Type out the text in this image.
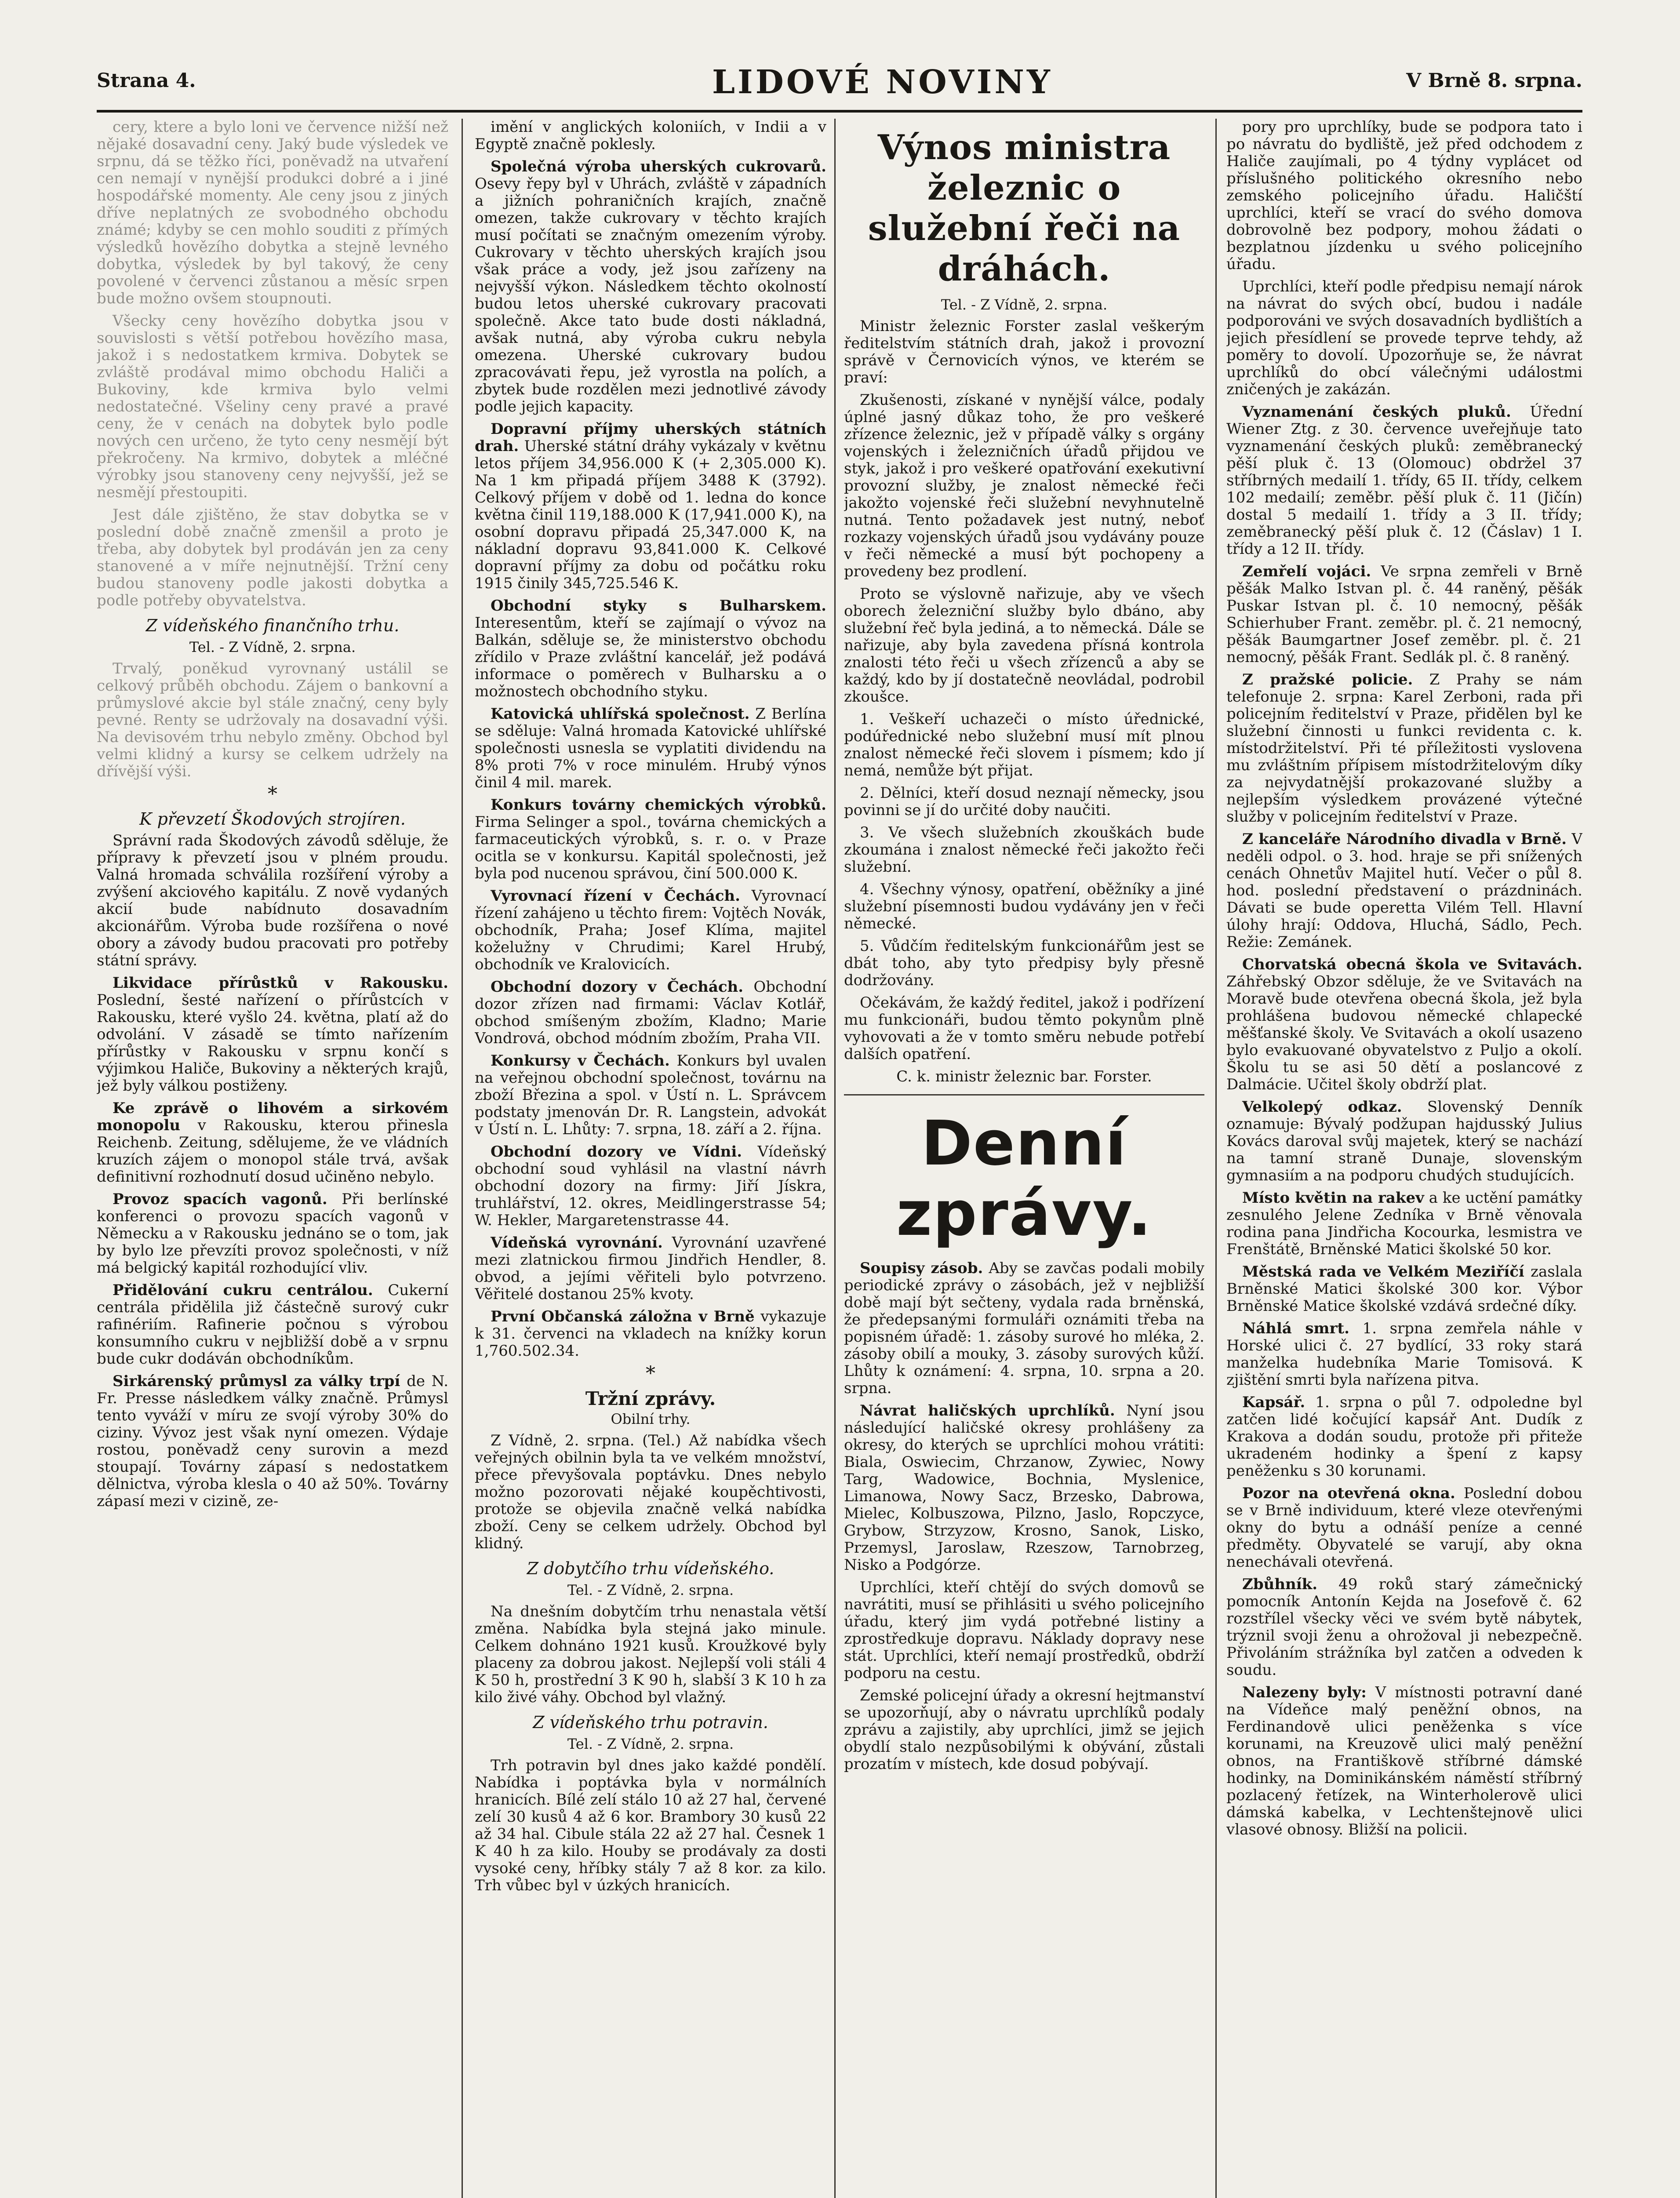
Strana 4.	LIDOVÉ NOVINY	V Brně 8. srpna.

cery, ktere a bylo loni ve července nižší než nějaké dosavadní ceny. Jaký bude výsledek ve srpnu, dá se těžko říci, poněvadž na utvaření cen nemají v nynější produkci dobré a i jiné hospodářské momenty. Ale ceny jsou z jiných dříve neplatných ze svobodného obchodu známé; kdyby se cen mohlo souditi z přímých výsledků hovězího dobytka a stejně levného dobytka, výsledek by byl takový, že ceny povolené v červenci zůstanou a měsíc srpen bude možno ovšem stoupnouti.

Všecky ceny hovězího dobytka jsou v souvislosti s větší potřebou hovězího masa, jakož i s nedostatkem krmiva. Dobytek se zvláště prodával mimo obchodu Haliči a Bukoviny, kde krmiva bylo velmi nedostatečné. Všeliny ceny pravé a pravé ceny, že v cenách na dobytek bylo podle nových cen určeno, že tyto ceny nesmějí být překročeny. Na krmivo, dobytek a mléčné výrobky jsou stanoveny ceny nejvyšší, jež se nesmějí přestoupiti.

Jest dále zjištěno, že stav dobytka se v poslední době značně zmenšil a proto je třeba, aby dobytek byl prodáván jen za ceny stanovené a v míře nejnutnější. Tržní ceny budou stanoveny podle jakosti dobytka a podle potřeby obyvatelstva.

Z vídeňského finančního trhu.
Tel. - Z Vídně, 2. srpna.

Trvalý, poněkud vyrovnaný ustálil se celkový průběh obchodu. Zájem o bankovní a průmyslové akcie byl stále značný, ceny byly pevné. Renty se udržovaly na dosavadní výši. Na devisovém trhu nebylo změny. Obchod byl velmi klidný a kursy se celkem udržely na dřívější výši.

*
K převzetí Škodových strojíren.

Správní rada Škodových závodů sděluje, že přípravy k převzetí jsou v plném proudu. Valná hromada schválila rozšíření výroby a zvýšení akciového kapitálu. Z nově vydaných akcií bude nabídnuto dosavadním akcionářům. Výroba bude rozšířena o nové obory a závody budou pracovati pro potřeby státní správy.

Likvidace přírůstků v Rakousku. Poslední, šesté nařízení o přírůstcích v Rakousku, které vyšlo 24. května, platí až do odvolání. V zásadě se tímto nařízením přírůstky v Rakousku v srpnu končí s výjimkou Haliče, Bukoviny a některých krajů, jež byly válkou postiženy.

Ke zprávě o lihovém a sirkovém monopolu v Rakousku, kterou přinesla Reichenb. Zeitung, sdělujeme, že ve vládních kruzích zájem o monopol stále trvá, avšak definitivní rozhodnutí dosud učiněno nebylo.

Provoz spacích vagonů. Při berlínské konferenci o provozu spacích vagonů v Německu a v Rakousku jednáno se o tom, jak by bylo lze převzíti provoz společnosti, v níž má belgický kapitál rozhodující vliv.

Přidělování cukru centrálou. Cukerní centrála přidělila již částečně surový cukr rafinériím. Rafinerie počnou s výrobou konsumního cukru v nejbližší době a v srpnu bude cukr dodáván obchodníkům.

Sirkárenský průmysl za války trpí de N. Fr. Presse následkem války značně. Průmysl tento vyváží v míru ze svojí výroby 30% do ciziny. Vývoz jest však nyní omezen. Výdaje rostou, poněvadž ceny surovin a mezd stoupají. Továrny zápasí s nedostatkem dělnictva, výroba klesla o 40 až 50%. Továrny zápasí mezi v cizině, ze-

imění v anglických koloniích, v Indii a v Egyptě značně poklesly.

Společná výroba uherských cukrovarů. Osevy řepy byl v Uhrách, zvláště v západních a jižních pohraničních krajích, značně omezen, takže cukrovary v těchto krajích musí počítati se značným omezením výroby. Cukrovary v těchto uherských krajích jsou však práce a vody, jež jsou zařízeny na nejvyšší výkon. Následkem těchto okolností budou letos uherské cukrovary pracovati společně. Akce tato bude dosti nákladná, avšak nutná, aby výroba cukru nebyla omezena. Uherské cukrovary budou zpracovávati řepu, jež vyrostla na polích, a zbytek bude rozdělen mezi jednotlivé závody podle jejich kapacity.

Dopravní příjmy uherských státních drah. Uherské státní dráhy vykázaly v květnu letos příjem 34,956.000 K (+ 2,305.000 K). Na 1 km připadá příjem 3488 K (3792). Celkový příjem v době od 1. ledna do konce května činil 119,188.000 K (17,941.000 K), na osobní dopravu připadá 25,347.000 K, na nákladní dopravu 93,841.000 K. Celkové dopravní příjmy za dobu od počátku roku 1915 činily 345,725.546 K.

Obchodní styky s Bulharskem. Interesentům, kteří se zajímají o vývoz na Balkán, sděluje se, že ministerstvo obchodu zřídilo v Praze zvláštní kancelář, jež podává informace o poměrech v Bulharsku a o možnostech obchodního styku.

Katovická uhlířská společnost. Z Berlína se sděluje: Valná hromada Katovické uhlířské společnosti usnesla se vyplatiti dividendu na 8% proti 7% v roce minulém. Hrubý výnos činil 4 mil. marek.

Konkurs továrny chemických výrobků. Firma Selinger a spol., továrna chemických a farmaceutických výrobků, s. r. o. v Praze ocitla se v konkursu. Kapitál společnosti, jež byla pod nucenou správou, činí 500.000 K.

Vyrovnací řízení v Čechách. Vyrovnací řízení zahájeno u těchto firem: Vojtěch Novák, obchodník, Praha; Josef Klíma, majitel koželužny v Chrudimi; Karel Hrubý, obchodník ve Kralovicích.

Obchodní dozory v Čechách. Obchodní dozor zřízen nad firmami: Václav Kotlář, obchod smíšeným zbožím, Kladno; Marie Vondrová, obchod módním zbožím, Praha VII.

Konkursy v Čechách. Konkurs byl uvalen na veřejnou obchodní společnost, továrnu na zboží Březina a spol. v Ústí n. L. Správcem podstaty jmenován Dr. R. Langstein, advokát v Ústí n. L. Lhůty: 7. srpna, 18. září a 2. října.

Obchodní dozory ve Vídni. Vídeňský obchodní soud vyhlásil na vlastní návrh obchodní dozory na firmy: Jiří Jískra, truhlářství, 12. okres, Meidlingerstrasse 54; W. Hekler, Margaretenstrasse 44.

Vídeňská vyrovnání. Vyrovnání uzavřené mezi zlatnickou firmou Jindřich Hendler, 8. obvod, a jejími věřiteli bylo potvrzeno. Věřitelé dostanou 25% kvoty.

První Občanská záložna v Brně vykazuje k 31. červenci na vkladech na knížky korun 1,760.502.34.

*
Tržní zprávy.
Obilní trhy.

Z Vídně, 2. srpna. (Tel.) Až nabídka všech veřejných obilnin byla ta ve velkém množství, přece převyšovala poptávku. Dnes nebylo možno pozorovati nějaké koupěchtivosti, protože se objevila značně velká nabídka zboží. Ceny se celkem udržely. Obchod byl klidný.

Z dobytčího trhu vídeňského.
Tel. - Z Vídně, 2. srpna.

Na dnešním dobytčím trhu nenastala větší změna. Nabídka byla stejná jako minule. Celkem dohnáno 1921 kusů. Kroužkové byly placeny za dobrou jakost. Nejlepší voli stáli 4 K 50 h, prostřední 3 K 90 h, slabší 3 K 10 h za kilo živé váhy. Obchod byl vlažný.

Z vídeňského trhu potravin.
Tel. - Z Vídně, 2. srpna.

Trh potravin byl dnes jako každé pondělí. Nabídka i poptávka byla v normálních hranicích. Bílé zelí stálo 10 až 27 hal, červené zelí 30 kusů 4 až 6 kor. Brambory 30 kusů 22 až 34 hal. Cibule stála 22 až 27 hal. Česnek 1 K 40 h za kilo. Houby se prodávaly za dosti vysoké ceny, hříbky stály 7 až 8 kor. za kilo. Trh vůbec byl v úzkých hranicích.

Výnos ministra železnic o služební řeči na dráhách.
Tel. - Z Vídně, 2. srpna.

Ministr železnic Forster zaslal veškerým ředitelstvím státních drah, jakož i provozní správě v Černovicích výnos, ve kterém se praví:

Zkušenosti, získané v nynější válce, podaly úplné jasný důkaz toho, že pro veškeré zřízence železnic, jež v případě války s orgány vojenských i železničních úřadů přijdou ve styk, jakož i pro veškeré opatřování exekutivní provozní služby, je znalost německé řeči jakožto vojenské řeči služební nevyhnutelně nutná. Tento požadavek jest nutný, neboť rozkazy vojenských úřadů jsou vydávány pouze v řeči německé a musí být pochopeny a provedeny bez prodlení.

Proto se výslovně nařizuje, aby ve všech oborech železniční služby bylo dbáno, aby služební řeč byla jediná, a to německá. Dále se nařizuje, aby byla zavedena přísná kontrola znalosti této řeči u všech zřízenců a aby se každý, kdo by jí dostatečně neovládal, podrobil zkoušce.

1. Veškeří uchazeči o místo úřednické, podúřednické nebo služební musí mít plnou znalost německé řeči slovem i písmem; kdo jí nemá, nemůže být přijat.

2. Dělníci, kteří dosud neznají německy, jsou povinni se jí do určité doby naučiti.

3. Ve všech služebních zkouškách bude zkoumána i znalost německé řeči jakožto řeči služební.

4. Všechny výnosy, opatření, oběžníky a jiné služební písemnosti budou vydávány jen v řeči německé.

5. Vůdčím ředitelským funkcionářům jest se dbát toho, aby tyto předpisy byly přesně dodržovány.

Očekávám, že každý ředitel, jakož i podřízení mu funkcionáři, budou těmto pokynům plně vyhovovati a že v tomto směru nebude potřebí dalších opatření.

C. k. ministr železnic bar. Forster.
Denní zprávy.

Soupisy zásob. Aby se zavčas podali mobily periodické zprávy o zásobách, jež v nejbližší době mají být sečteny, vydala rada brněnská, že předepsanými formuláři oznámiti třeba na popisném úřadě: 1. zásoby surové ho mléka, 2. zásoby obilí a mouky, 3. zásoby surových kůží. Lhůty k oznámení: 4. srpna, 10. srpna a 20. srpna.

Návrat haličských uprchlíků. Nyní jsou následující haličské okresy prohlášeny za okresy, do kterých se uprchlíci mohou vrátiti: Biala, Oswiecim, Chrzanow, Zywiec, Nowy Targ, Wadowice, Bochnia, Myslenice, Limanowa, Nowy Sacz, Brzesko, Dabrowa, Mielec, Kolbuszowa, Pilzno, Jaslo, Ropczyce, Grybow, Strzyzow, Krosno, Sanok, Lisko, Przemysl, Jaroslaw, Rzeszow, Tarnobrzeg, Nisko a Podgórze.

Uprchlíci, kteří chtějí do svých domovů se navrátiti, musí se přihlásiti u svého policejního úřadu, který jim vydá potřebné listiny a zprostředkuje dopravu. Náklady dopravy nese stát. Uprchlíci, kteří nemají prostředků, obdrží podporu na cestu.

Zemské policejní úřady a okresní hejtmanství se upozorňují, aby o návratu uprchlíků podaly zprávu a zajistily, aby uprchlíci, jimž se jejich obydlí stalo nezpůsobilými k obývání, zůstali prozatím v místech, kde dosud pobývají.

pory pro uprchlíky, bude se podpora tato i po návratu do bydliště, jež před odchodem z Haliče zaujímali, po 4 týdny vyplácet od příslušného politického okresního nebo zemského policejního úřadu. Haličští uprchlíci, kteří se vrací do svého domova dobrovolně bez podpory, mohou žádati o bezplatnou jízdenku u svého policejního úřadu.

Uprchlíci, kteří podle předpisu nemají nárok na návrat do svých obcí, budou i nadále podporováni ve svých dosavadních bydlištích a jejich přesídlení se provede teprve tehdy, až poměry to dovolí. Upozorňuje se, že návrat uprchlíků do obcí válečnými událostmi zničených je zakázán.

Vyznamenání českých pluků. Úřední Wiener Ztg. z 30. července uveřejňuje tato vyznamenání českých pluků: zeměbranecký pěší pluk č. 13 (Olomouc) obdržel 37 stříbrných medailí 1. třídy, 65 II. třídy, celkem 102 medailí; zeměbr. pěší pluk č. 11 (Jičín) dostal 5 medailí 1. třídy a 3 II. třídy; zeměbranecký pěší pluk č. 12 (Čáslav) 1 I. třídy a 12 II. třídy.

Zemřelí vojáci. Ve srpna zemřeli v Brně pěšák Malko Istvan pl. č. 44 raněný, pěšák Puskar Istvan pl. č. 10 nemocný, pěšák Schierhuber Frant. zeměbr. pl. č. 21 nemocný, pěšák Baumgartner Josef zeměbr. pl. č. 21 nemocný, pěšák Frant. Sedlák pl. č. 8 raněný.

Z pražské policie. Z Prahy se nám telefonuje 2. srpna: Karel Zerboni, rada při policejním ředitelství v Praze, přidělen byl ke služební činnosti u funkci revidenta c. k. místodržitelství. Při té příležitosti vyslovena mu zvláštním přípisem místodržitelovým díky za nejvydatnější prokazované služby a nejlepším výsledkem provázené výtečné služby v policejním ředitelství v Praze.

Z kanceláře Národního divadla v Brně. V neděli odpol. o 3. hod. hraje se při snížených cenách Ohnetův Majitel hutí. Večer o půl 8. hod. poslední představení o prázdninách. Dávati se bude operetta Vilém Tell. Hlavní úlohy hrají: Oddova, Hluchá, Sádlo, Pech. Režie: Zemánek.

Chorvatská obecná škola ve Svitavách. Záhřebský Obzor sděluje, že ve Svitavách na Moravě bude otevřena obecná škola, jež byla prohlášena budovou německé chlapecké měšťanské školy. Ve Svitavách a okolí usazeno bylo evakuované obyvatelstvo z Puljo a okolí. Školu tu se asi 50 dětí a poslancové z Dalmácie. Učitel školy obdrží plat.

Velkolepý odkaz. Slovenský Denník oznamuje: Bývalý podžupan hajdusský Julius Kovács daroval svůj majetek, který se nachází na tamní straně Dunaje, slovenským gymnasiím a na podporu chudých studujících.

Místo květin na rakev a ke uctění památky zesnulého Jelene Zedníka v Brně věnovala rodina pana Jindřicha Kocourka, lesmistra ve Frenštátě, Brněnské Matici školské 50 kor.

Městská rada ve Velkém Meziříčí zaslala Brněnské Matici školské 300 kor. Výbor Brněnské Matice školské vzdává srdečné díky.

Náhlá smrt. 1. srpna zemřela náhle v Horské ulici č. 27 bydlící, 33 roky stará manželka hudebníka Marie Tomisová. K zjištění smrti byla nařízena pitva.

Kapsář. 1. srpna o půl 7. odpoledne byl zatčen lidé kočující kapsář Ant. Dudík z Krakova a dodán soudu, protože při přiteže ukradeném hodinky a špení z kapsy peněženku s 30 korunami.

Pozor na otevřená okna. Poslední dobou se v Brně individuum, které vleze otevřenými okny do bytu a odnáší peníze a cenné předměty. Obyvatelé se varují, aby okna nenechávali otevřená.

Zbůhník. 49 roků starý zámečnický pomocník Antonín Kejda na Josefově č. 62 rozstřílel všecky věci ve svém bytě nábytek, trýznil svoji ženu a ohrožoval ji nebezpečně. Přivoláním strážníka byl zatčen a odveden k soudu.

Nalezeny byly: V místnosti potravní dané na Vídeňce malý peněžní obnos, na Ferdinandově ulici peněženka s více korunami, na Kreuzově ulici malý peněžní obnos, na Františkově stříbrné dámské hodinky, na Dominikánském náměstí stříbrný pozlacený řetízek, na Winterholerově ulici dámská kabelka, v Lechtenštejnově ulici vlasové obnosy. Bližší na policii.
